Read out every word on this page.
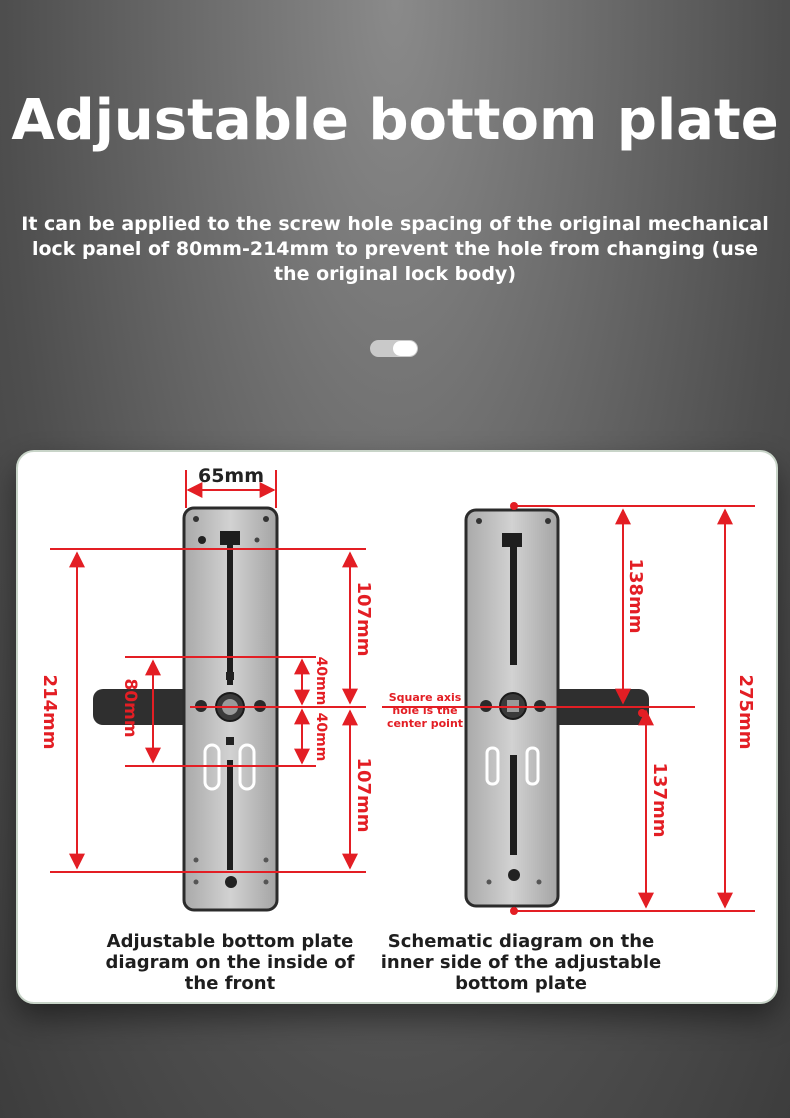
Adjustable bottom plate

It can be applied to the screw hole spacing of the original mechanical lock panel of 80mm-214mm to prevent the hole from changing (use the original lock body)

65mm
214mm	80mm
107mm
107mm
40mm
40mm
138mm
137mm
275mm
Square axis
hole is the
center point

Adjustable bottom plate diagram on the inside of the front

Schematic diagram on the inner side of the adjustable bottom plate
